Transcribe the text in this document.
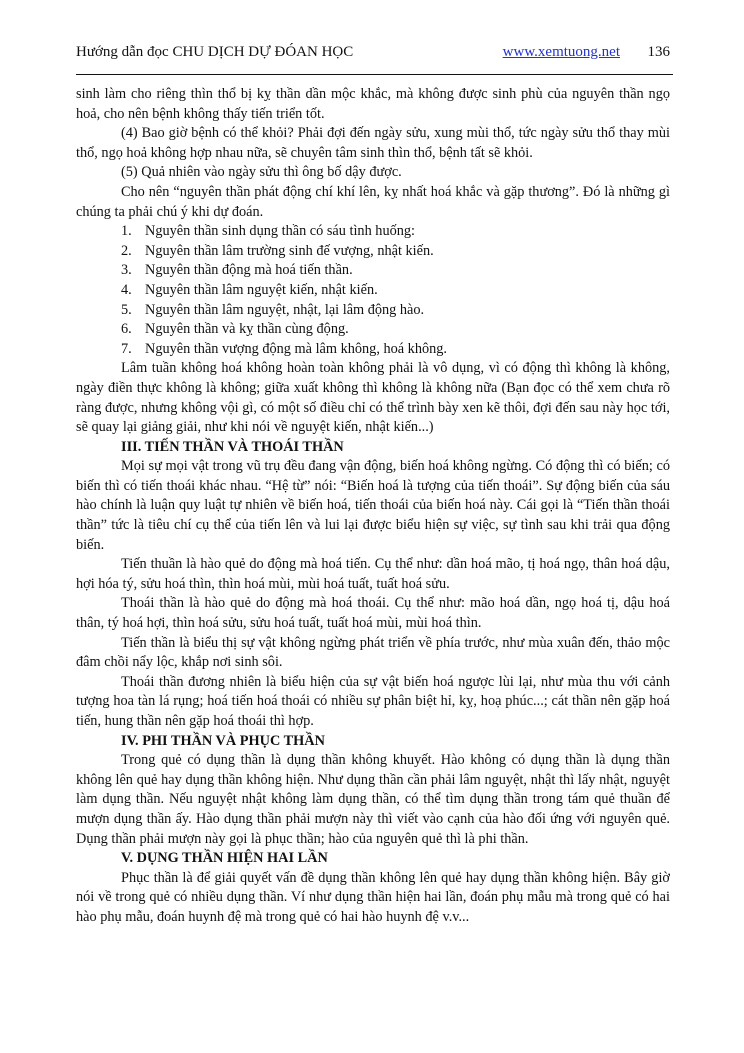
Hướng dẫn đọc CHU DỊCH DỰ ĐÓAN HỌC	www.xemtuong.net 136

sinh làm cho riêng thìn thổ bị kỵ thần dần mộc khắc, mà không được sinh phù của nguyên thần ngọ hoả, cho nên bệnh không thấy tiến triển tốt.

(4) Bao giờ bệnh có thể khỏi? Phải đợi đến ngày sửu, xung mùi thổ, tức ngày sửu thổ thay mùi thổ, ngọ hoả không hợp nhau nữa, sẽ chuyên tâm sinh thìn thổ, bệnh tất sẽ khỏi.

(5) Quả nhiên vào ngày sửu thì ông bố dậy được.

Cho nên “nguyên thần phát động chí khí lên, kỵ nhất hoá khắc và gặp thương”. Đó là những gì chúng ta phải chú ý khi dự đoán.

1. Nguyên thần sinh dụng thần có sáu tình huống:
2. Nguyên thần lâm trường sinh đế vượng, nhật kiến.
3. Nguyên thần động mà hoá tiến thần.
4. Nguyên thần lâm nguyệt kiến, nhật kiến.
5. Nguyên thần lâm nguyệt, nhật, lại lâm động hào.
6. Nguyên thần và kỵ thần cùng động.
7. Nguyên thần vượng động mà lâm không, hoá không.

Lâm tuần không hoá không hoàn toàn không phải là vô dụng, vì có động thì không là không, ngày điền thực không là không; giữa xuất không thì không là không nữa (Bạn đọc có thể xem chưa rõ ràng được, nhưng không vội gì, có một số điều chỉ có thể trình bày xen kẽ thôi, đợi đến sau này học tới, sẽ quay lại giảng giải, như khi nói về nguyệt kiến, nhật kiến...)

III. TIẾN THẦN VÀ THOÁI THẦN

Mọi sự mọi vật trong vũ trụ đều đang vận động, biến hoá không ngừng. Có động thì có biến; có biến thì có tiến thoái khác nhau. “Hệ từ” nói: “Biến hoá là tượng của tiến thoái”. Sự động biến của sáu hào chính là luận quy luật tự nhiên về biến hoá, tiến thoái của biến hoá này. Cái gọi là “Tiến thần thoái thần” tức là tiêu chí cụ thể của tiến lên và lui lại được biểu hiện sự việc, sự tình sau khi trải qua động biến.

Tiến thuần là hào quẻ do động mà hoá tiến. Cụ thể như: dần hoá mão, tị hoá ngọ, thân hoá dậu, hợi hóa tý, sửu hoá thìn, thìn hoá mùi, mùi hoá tuất, tuất hoá sửu.

Thoái thần là hào quẻ do động mà hoá thoái. Cụ thể như: mão hoá dần, ngọ hoá tị, dậu hoá thân, tý hoá hợi, thìn hoá sửu, sửu hoá tuất, tuất hoá mùi, mùi hoá thìn.

Tiến thần là biểu thị sự vật không ngừng phát triển về phía trước, như mùa xuân đến, thảo mộc đâm chồi nẩy lộc, khắp nơi sinh sôi.

Thoái thần đương nhiên là biểu hiện của sự vật biến hoá ngược lùi lại, như mùa thu với cảnh tượng hoa tàn lá rụng; hoá tiến hoá thoái có nhiều sự phân biệt hỉ, kỵ, hoạ phúc...; cát thần nên gặp hoá tiến, hung thần nên gặp hoá thoái thì hợp.

IV. PHI THẦN VÀ PHỤC THẦN

Trong quẻ có dụng thần là dụng thần không khuyết. Hào không có dụng thần là dụng thần không lên quẻ hay dụng thần không hiện. Như dụng thần cần phải lâm nguyệt, nhật thì lấy nhật, nguyệt làm dụng thần. Nếu nguyệt nhật không làm dụng thần, có thể tìm dụng thần trong tám quẻ thuần để mượn dụng thần ấy. Hào dụng thần phải mượn này thì viết vào cạnh của hào đối ứng với nguyên quẻ. Dụng thần phải mượn này gọi là phục thần; hào của nguyên quẻ thì là phi thần.

V. DỤNG THẦN HIỆN HAI LẦN

Phục thần là để giải quyết vấn đề dụng thần không lên quẻ hay dụng thần không hiện. Bây giờ nói về trong quẻ có nhiều dụng thần. Ví như dụng thần hiện hai lần, đoán phụ mẫu mà trong quẻ có hai hào phụ mẫu, đoán huynh đệ mà trong quẻ có hai hào huynh đệ v.v...
